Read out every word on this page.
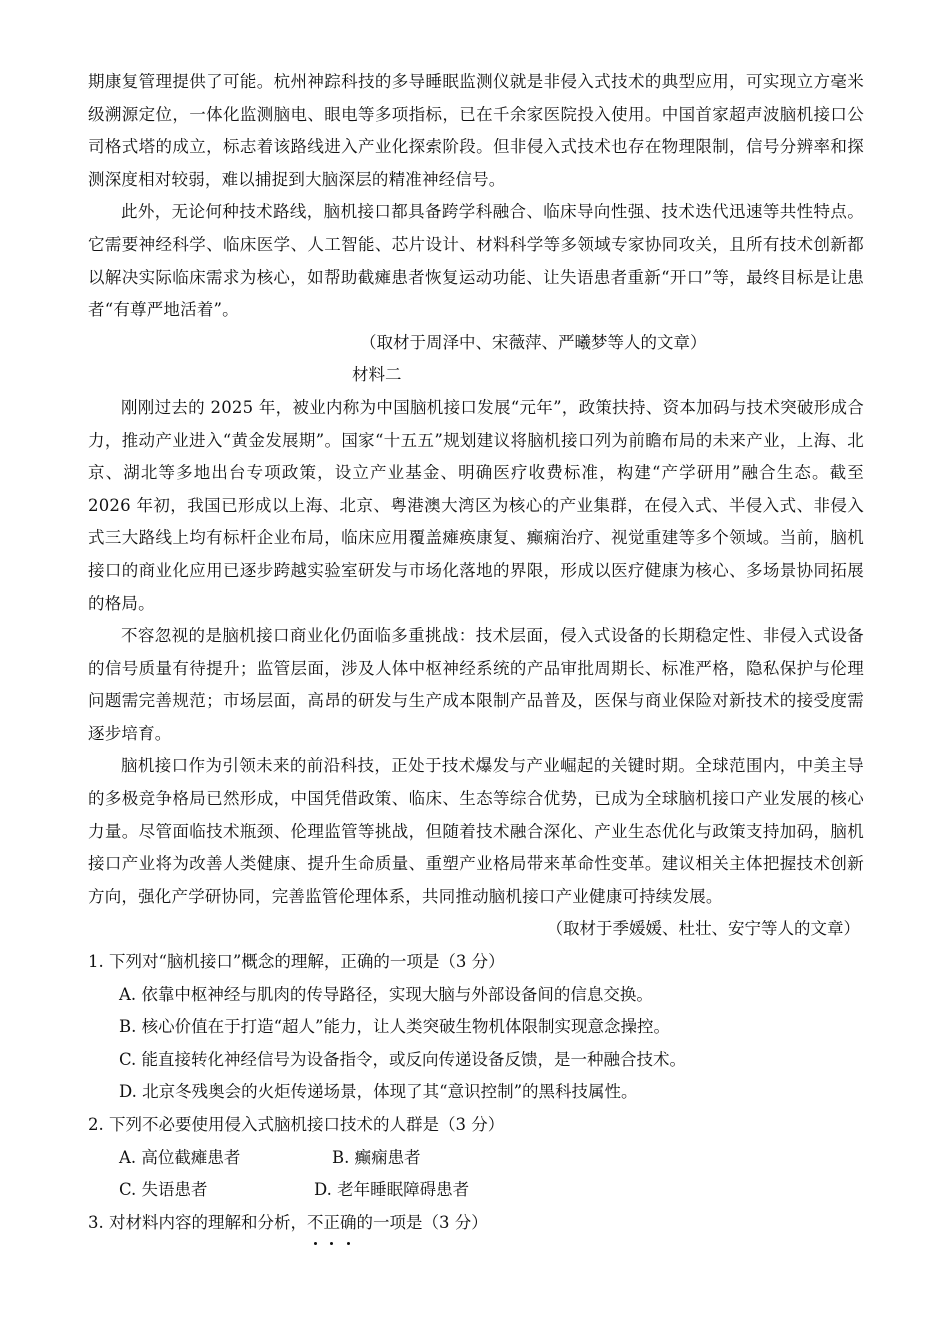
期康复管理提供了可能。杭州神踪科技的多导睡眠监测仪就是非侵入式技术的典型应用，可实现立方毫米级溯源定位，一体化监测脑电、眼电等多项指标，已在千余家医院投入使用。中国首家超声波脑机接口公司格式塔的成立，标志着该路线进入产业化探索阶段。但非侵入式技术也存在物理限制，信号分辨率和探测深度相对较弱，难以捕捉到大脑深层的精准神经信号。

此外，无论何种技术路线，脑机接口都具备跨学科融合、临床导向性强、技术迭代迅速等共性特点。它需要神经科学、临床医学、人工智能、芯片设计、材料科学等多领域专家协同攻关，且所有技术创新都以解决实际临床需求为核心，如帮助截瘫患者恢复运动功能、让失语患者重新“开口”等，最终目标是让患者“有尊严地活着”。

（取材于周泽中、宋薇萍、严曦梦等人的文章）

材料二

刚刚过去的 2025 年，被业内称为中国脑机接口发展“元年”，政策扶持、资本加码与技术突破形成合力，推动产业进入“黄金发展期”。国家“十五五”规划建议将脑机接口列为前瞻布局的未来产业，上海、北京、湖北等多地出台专项政策，设立产业基金、明确医疗收费标准，构建“产学研用”融合生态。截至 2026 年初，我国已形成以上海、北京、粤港澳大湾区为核心的产业集群，在侵入式、半侵入式、非侵入式三大路线上均有标杆企业布局，临床应用覆盖瘫痪康复、癫痫治疗、视觉重建等多个领域。当前，脑机接口的商业化应用已逐步跨越实验室研发与市场化落地的界限，形成以医疗健康为核心、多场景协同拓展的格局。

不容忽视的是脑机接口商业化仍面临多重挑战：技术层面，侵入式设备的长期稳定性、非侵入式设备的信号质量有待提升；监管层面，涉及人体中枢神经系统的产品审批周期长、标准严格，隐私保护与伦理问题需完善规范；市场层面，高昂的研发与生产成本限制产品普及，医保与商业保险对新技术的接受度需逐步培育。

脑机接口作为引领未来的前沿科技，正处于技术爆发与产业崛起的关键时期。全球范围内，中美主导的多极竞争格局已然形成，中国凭借政策、临床、生态等综合优势，已成为全球脑机接口产业发展的核心力量。尽管面临技术瓶颈、伦理监管等挑战，但随着技术融合深化、产业生态优化与政策支持加码，脑机接口产业将为改善人类健康、提升生命质量、重塑产业格局带来革命性变革。建议相关主体把握技术创新方向，强化产学研协同，完善监管伦理体系，共同推动脑机接口产业健康可持续发展。

（取材于季媛媛、杜壮、安宁等人的文章）

1. 下列对“脑机接口”概念的理解，正确的一项是（3 分）

A. 依靠中枢神经与肌肉的传导路径，实现大脑与外部设备间的信息交换。

B. 核心价值在于打造“超人”能力，让人类突破生物机体限制实现意念操控。

C. 能直接转化神经信号为设备指令，或反向传递设备反馈，是一种融合技术。

D. 北京冬残奥会的火炬传递场景，体现了其“意识控制”的黑科技属性。

2. 下列不必要使用侵入式脑机接口技术的人群是（3 分）

A. 高位截瘫患者	B. 癫痫患者
C. 失语患者	D. 老年睡眠障碍患者

3. 对材料内容的理解和分析，不正确的一项是（3 分）
